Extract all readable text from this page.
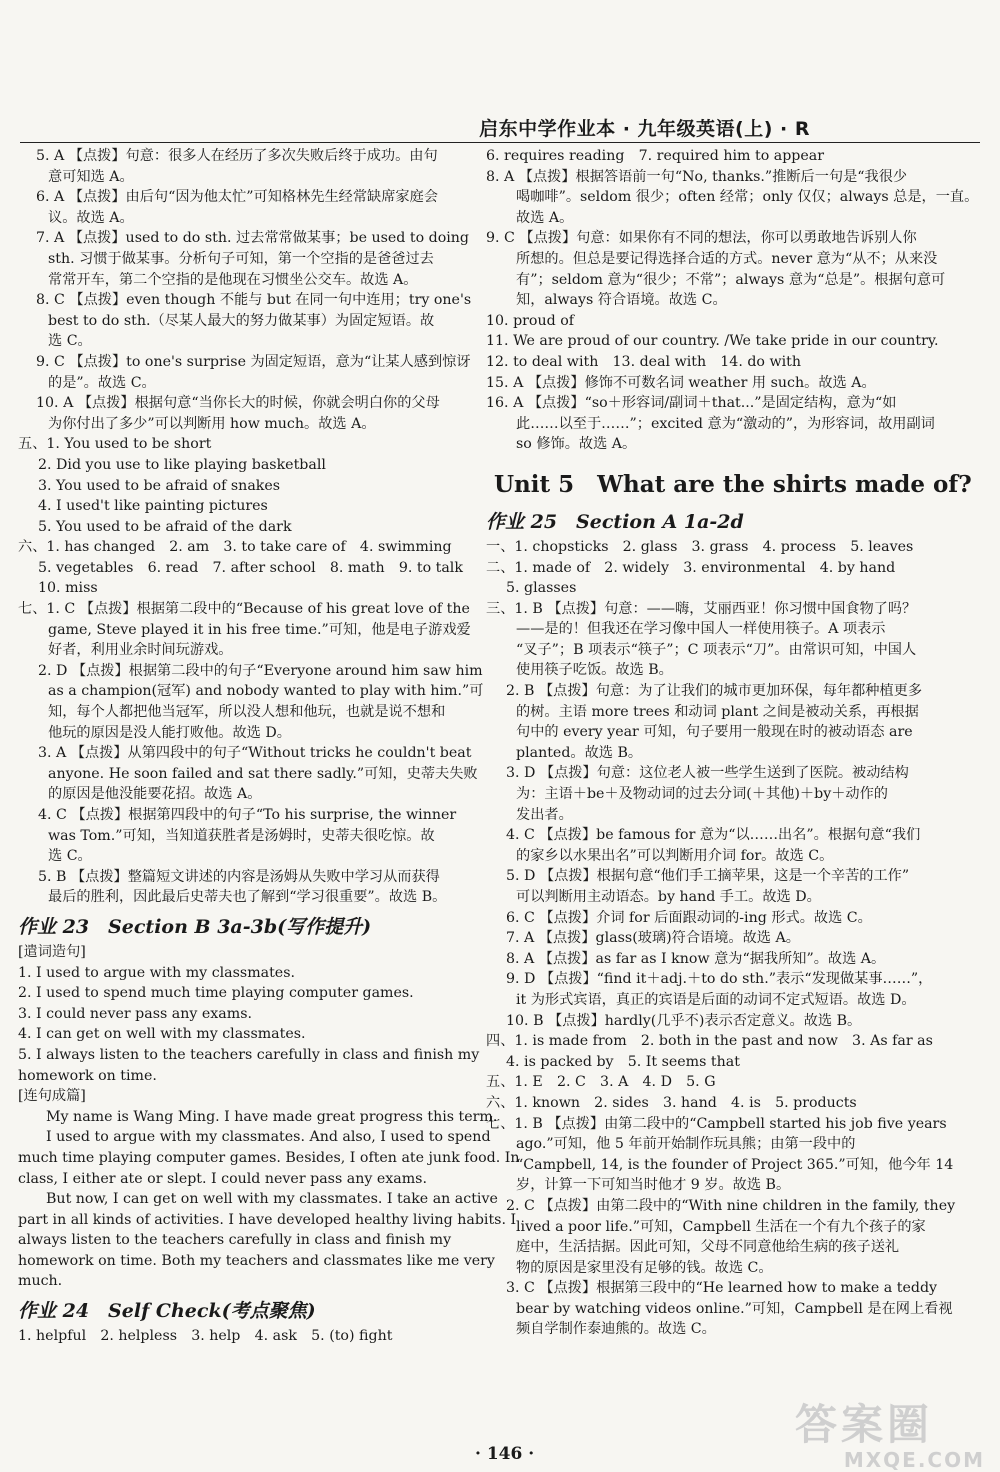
启东中学作业本 · 九年级英语(上) · R
5. A 【点拨】句意：很多人在经历了多次失败后终于成功。由句
意可知选 A。
6. A 【点拨】由后句“因为他太忙”可知格林先生经常缺席家庭会
议。故选 A。
7. A 【点拨】used to do sth. 过去常常做某事；be used to doing
sth. 习惯于做某事。分析句子可知，第一个空指的是爸爸过去
常常开车，第二个空指的是他现在习惯坐公交车。故选 A。
8. C 【点拨】even though 不能与 but 在同一句中连用；try one's
best to do sth.（尽某人最大的努力做某事）为固定短语。故
选 C。
9. C 【点拨】to one's surprise 为固定短语，意为“让某人感到惊讶
的是”。故选 C。
10. A 【点拨】根据句意“当你长大的时候，你就会明白你的父母
为你付出了多少”可以判断用 how much。故选 A。
五、1. You used to be short
2. Did you use to like playing basketball
3. You used to be afraid of snakes
4. I used't like painting pictures
5. You used to be afraid of the dark
六、1. has changed　2. am　3. to take care of　4. swimming
5. vegetables　6. read　7. after school　8. math　9. to talk
10. miss
七、1. C 【点拨】根据第二段中的“Because of his great love of the
game, Steve played it in his free time.”可知，他是电子游戏爱
好者，利用业余时间玩游戏。
2. D 【点拨】根据第二段中的句子“Everyone around him saw him
as a champion(冠军) and nobody wanted to play with him.”可
知，每个人都把他当冠军，所以没人想和他玩，也就是说不想和
他玩的原因是没人能打败他。故选 D。
3. A 【点拨】从第四段中的句子“Without tricks he couldn't beat
anyone. He soon failed and sat there sadly.”可知，史蒂夫失败
的原因是他没能要花招。故选 A。
4. C 【点拨】根据第四段中的句子“To his surprise, the winner
was Tom.”可知，当知道获胜者是汤姆时，史蒂夫很吃惊。故
选 C。
5. B 【点拨】整篇短文讲述的内容是汤姆从失败中学习从而获得
最后的胜利，因此最后史蒂夫也了解到“学习很重要”。故选 B。
作业 23　Section B 3a-3b(写作提升)
[遣词造句]
1. I used to argue with my classmates.
2. I used to spend much time playing computer games.
3. I could never pass any exams.
4. I can get on well with my classmates.
5. I always listen to the teachers carefully in class and finish my
homework on time.
[连句成篇]
My name is Wang Ming. I have made great progress this term.
I used to argue with my classmates. And also, I used to spend
much time playing computer games. Besides, I often ate junk food. In
class, I either ate or slept. I could never pass any exams.
But now, I can get on well with my classmates. I take an active
part in all kinds of activities. I have developed healthy living habits. I
always listen to the teachers carefully in class and finish my
homework on time. Both my teachers and classmates like me very
much.
作业 24　Self Check(考点聚焦)
1. helpful　2. helpless　3. help　4. ask　5. (to) fight
6. requires reading　7. required him to appear
8. A 【点拨】根据答语前一句“No, thanks.”推断后一句是“我很少
喝咖啡”。seldom 很少；often 经常；only 仅仅；always 总是，一直。
故选 A。
9. C 【点拨】句意：如果你有不同的想法，你可以勇敢地告诉别人你
所想的。但总是要记得选择合适的方式。never 意为“从不；从来没
有”；seldom 意为“很少；不常”；always 意为“总是”。根据句意可
知，always 符合语境。故选 C。
10. proud of
11. We are proud of our country. /We take pride in our country.
12. to deal with　13. deal with　14. do with
15. A 【点拨】修饰不可数名词 weather 用 such。故选 A。
16. A 【点拨】“so＋形容词/副词＋that...”是固定结构，意为“如
此……以至于……”；excited 意为“激动的”，为形容词，故用副词
so 修饰。故选 A。
Unit 5　What are the shirts made of?
作业 25　Section A 1a-2d
一、1. chopsticks　2. glass　3. grass　4. process　5. leaves
二、1. made of　2. widely　3. environmental　4. by hand
5. glasses
三、1. B 【点拨】句意：——嗨，艾丽西亚！你习惯中国食物了吗？
——是的！但我还在学习像中国人一样使用筷子。A 项表示
“叉子”；B 项表示“筷子”；C 项表示“刀”。由常识可知，中国人
使用筷子吃饭。故选 B。
2. B 【点拨】句意：为了让我们的城市更加环保，每年都种植更多
的树。主语 more trees 和动词 plant 之间是被动关系，再根据
句中的 every year 可知，句子要用一般现在时的被动语态 are
planted。故选 B。
3. D 【点拨】句意：这位老人被一些学生送到了医院。被动结构
为：主语＋be＋及物动词的过去分词(＋其他)＋by＋动作的
发出者。
4. C 【点拨】be famous for 意为“以……出名”。根据句意“我们
的家乡以水果出名”可以判断用介词 for。故选 C。
5. D 【点拨】根据句意“他们手工摘苹果，这是一个辛苦的工作”
可以判断用主动语态。by hand 手工。故选 D。
6. C 【点拨】介词 for 后面跟动词的-ing 形式。故选 C。
7. A 【点拨】glass(玻璃)符合语境。故选 A。
8. A 【点拨】as far as I know 意为“据我所知”。故选 A。
9. D 【点拨】“find it＋adj.＋to do sth.”表示“发现做某事……”，
it 为形式宾语，真正的宾语是后面的动词不定式短语。故选 D。
10. B 【点拨】hardly(几乎不)表示否定意义。故选 B。
四、1. is made from　2. both in the past and now　3. As far as
4. is packed by　5. It seems that
五、1. E　2. C　3. A　4. D　5. G
六、1. known　2. sides　3. hand　4. is　5. products
七、1. B 【点拨】由第二段中的“Campbell started his job five years
ago.”可知，他 5 年前开始制作玩具熊；由第一段中的
“Campbell, 14, is the founder of Project 365.”可知，他今年 14
岁，计算一下可知当时他才 9 岁。故选 B。
2. C 【点拨】由第二段中的“With nine children in the family, they
lived a poor life.”可知，Campbell 生活在一个有九个孩子的家
庭中，生活拮据。因此可知，父母不同意他给生病的孩子送礼
物的原因是家里没有足够的钱。故选 C。
3. C 【点拨】根据第三段中的“He learned how to make a teddy
bear by watching videos online.”可知，Campbell 是在网上看视
频自学制作泰迪熊的。故选 C。
· 146 ·
答案圈
MXQE.COM
